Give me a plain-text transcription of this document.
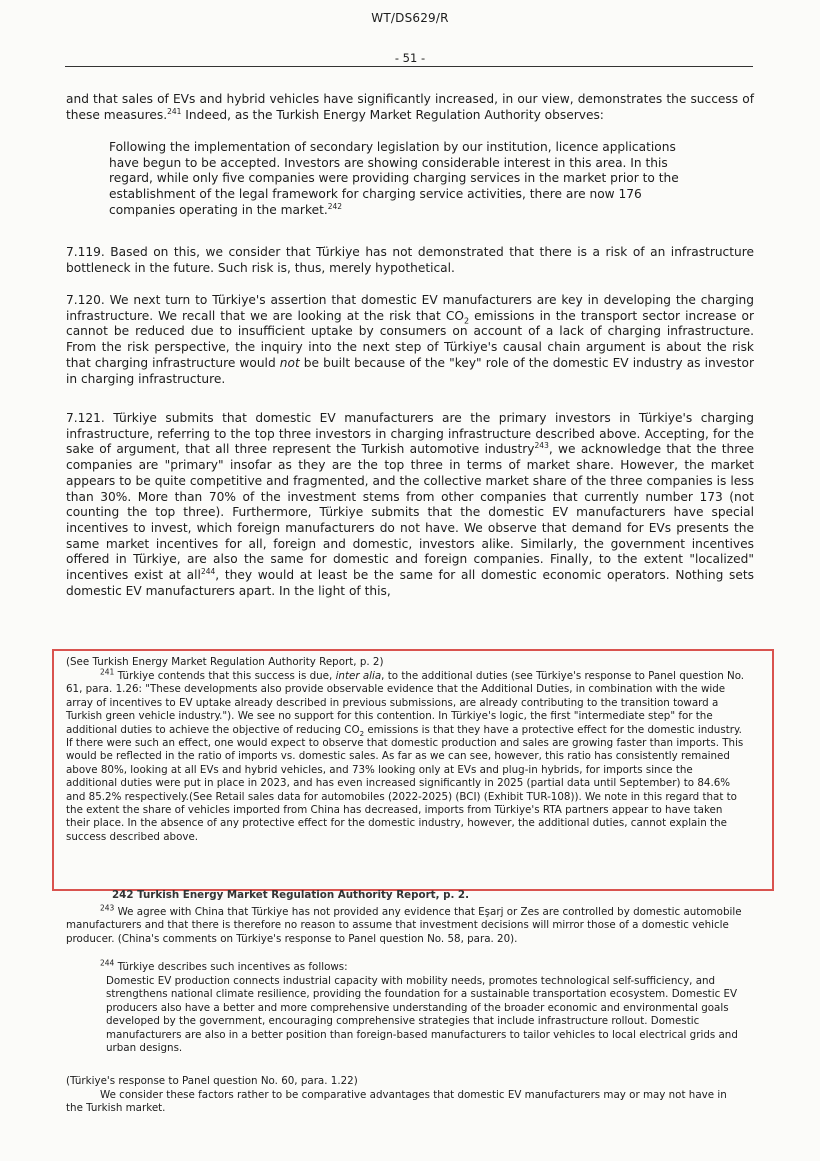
WT/DS629/R
- 51 -

and that sales of EVs and hybrid vehicles have significantly increased, in our view, demonstrates the success of these measures.$^{241}$ Indeed, as the Turkish Energy Market Regulation Authority observes:

Following the implementation of secondary legislation by our institution, licence applications have begun to be accepted. Investors are showing considerable interest in this area. In this regard, while only five companies were providing charging services in the market prior to the establishment of the legal framework for charging service activities, there are now 176 companies operating in the market.$^{242}$

7.119. Based on this, we consider that Türkiye has not demonstrated that there is a risk of an infrastructure bottleneck in the future. Such risk is, thus, merely hypothetical.

7.120. We next turn to Türkiye's assertion that domestic EV manufacturers are key in developing the charging infrastructure. We recall that we are looking at the risk that $CO_2$ emissions in the transport sector increase or cannot be reduced due to insufficient uptake by consumers on account of a lack of charging infrastructure. From the risk perspective, the inquiry into the next step of Türkiye's causal chain argument is about the risk that charging infrastructure would not be built because of the "key" role of the domestic EV industry as investor in charging infrastructure.

7.121. Türkiye submits that domestic EV manufacturers are the primary investors in Türkiye's charging infrastructure, referring to the top three investors in charging infrastructure described above. Accepting, for the sake of argument, that all three represent the Turkish automotive industry$^{243}$, we acknowledge that the three companies are "primary" insofar as they are the top three in terms of market share. However, the market appears to be quite competitive and fragmented, and the collective market share of the three companies is less than 30%. More than 70% of the investment stems from other companies that currently number 173 (not counting the top three). Furthermore, Türkiye submits that the domestic EV manufacturers have special incentives to invest, which foreign manufacturers do not have. We observe that demand for EVs presents the same market incentives for all, foreign and domestic, investors alike. Similarly, the government incentives offered in Türkiye, are also the same for domestic and foreign companies. Finally, to the extent "localized" incentives exist at all$^{244}$, they would at least be the same for all domestic economic operators. Nothing sets domestic EV manufacturers apart. In the light of this,

(See Turkish Energy Market Regulation Authority Report, p. 2)

$^{241}$ Türkiye contends that this success is due, inter alia, to the additional duties (see Türkiye's response to Panel question No. 61, para. 1.26: "These developments also provide observable evidence that the Additional Duties, in combination with the wide array of incentives to EV uptake already described in previous submissions, are already contributing to the transition toward a Turkish green vehicle industry."). We see no support for this contention. In Türkiye's logic, the first "intermediate step" for the additional duties to achieve the objective of reducing $CO_2$ emissions is that they have a protective effect for the domestic industry. If there were such an effect, one would expect to observe that domestic production and sales are growing faster than imports. This would be reflected in the ratio of imports vs. domestic sales. As far as we can see, however, this ratio has consistently remained above 80%, looking at all EVs and hybrid vehicles, and 73% looking only at EVs and plug-in hybrids, for imports since the additional duties were put in place in 2023, and has even increased significantly in 2025 (partial data until September) to 84.6% and 85.2% respectively.(See Retail sales data for automobiles (2022-2025) (BCI) (Exhibit TUR-108)). We note in this regard that to the extent the share of vehicles imported from China has decreased, imports from Türkiye's RTA partners appear to have taken their place. In the absence of any protective effect for the domestic industry, however, the additional duties, cannot explain the success described above.

242 Turkish Energy Market Regulation Authority Report, p. 2.

$^{243}$ We agree with China that Türkiye has not provided any evidence that Eşarj or Zes are controlled by domestic automobile manufacturers and that there is therefore no reason to assume that investment decisions will mirror those of a domestic vehicle producer. (China's comments on Türkiye's response to Panel question No. 58, para. 20).

$^{244}$ Türkiye describes such incentives as follows:

Domestic EV production connects industrial capacity with mobility needs, promotes technological self-sufficiency, and strengthens national climate resilience, providing the foundation for a sustainable transportation ecosystem. Domestic EV producers also have a better and more comprehensive understanding of the broader economic and environmental goals developed by the government, encouraging comprehensive strategies that include infrastructure rollout. Domestic manufacturers are also in a better position than foreign-based manufacturers to tailor vehicles to local electrical grids and urban designs.

(Türkiye's response to Panel question No. 60, para. 1.22)

We consider these factors rather to be comparative advantages that domestic EV manufacturers may or may not have in the Turkish market.
